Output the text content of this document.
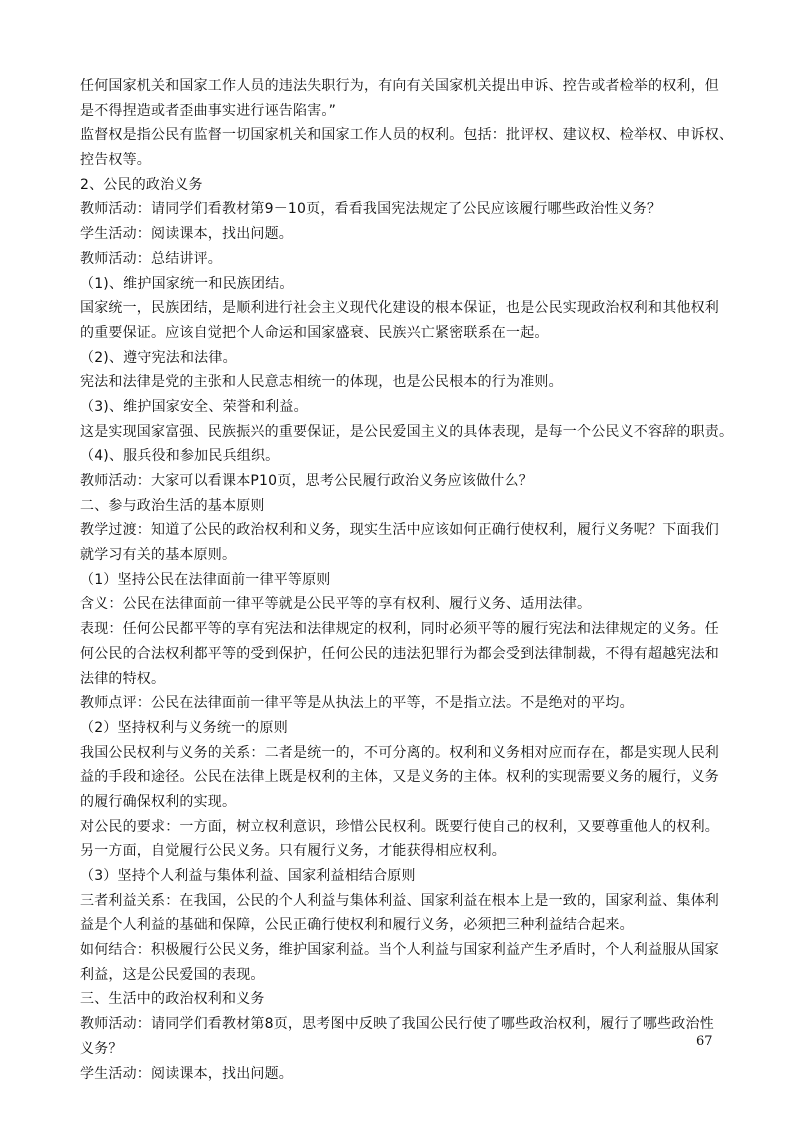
任何国家机关和国家工作人员的违法失职行为，有向有关国家机关提出申诉、控告或者检举的权利，但
是不得捏造或者歪曲事实进行诬告陷害。”
监督权是指公民有监督一切国家机关和国家工作人员的权利。包括：批评权、建议权、检举权、申诉权、
控告权等。
2、公民的政治义务
教师活动：请同学们看教材第9－10页，看看我国宪法规定了公民应该履行哪些政治性义务？
学生活动：阅读课本，找出问题。
教师活动：总结讲评。
（1)、维护国家统一和民族团结。
国家统一，民族团结，是顺利进行社会主义现代化建设的根本保证，也是公民实现政治权利和其他权利
的重要保证。应该自觉把个人命运和国家盛衰、民族兴亡紧密联系在一起。
（2)、遵守宪法和法律。
宪法和法律是党的主张和人民意志相统一的体现，也是公民根本的行为准则。
（3)、维护国家安全、荣誉和利益。
这是实现国家富强、民族振兴的重要保证，是公民爱国主义的具体表现，是每一个公民义不容辞的职责。
（4)、服兵役和参加民兵组织。
教师活动：大家可以看课本P10页，思考公民履行政治义务应该做什么？
二、参与政治生活的基本原则
教学过渡：知道了公民的政治权利和义务，现实生活中应该如何正确行使权利，履行义务呢？下面我们
就学习有关的基本原则。
（1）坚持公民在法律面前一律平等原则
含义：公民在法律面前一律平等就是公民平等的享有权利、履行义务、适用法律。
表现：任何公民都平等的享有宪法和法律规定的权利，同时必须平等的履行宪法和法律规定的义务。任
何公民的合法权利都平等的受到保护，任何公民的违法犯罪行为都会受到法律制裁，不得有超越宪法和
法律的特权。
教师点评：公民在法律面前一律平等是从执法上的平等，不是指立法。不是绝对的平均。
（2）坚持权利与义务统一的原则
我国公民权利与义务的关系：二者是统一的，不可分离的。权利和义务相对应而存在，都是实现人民利
益的手段和途径。公民在法律上既是权利的主体，又是义务的主体。权利的实现需要义务的履行，义务
的履行确保权利的实现。
对公民的要求：一方面，树立权利意识，珍惜公民权利。既要行使自己的权利，又要尊重他人的权利。
另一方面，自觉履行公民义务。只有履行义务，才能获得相应权利。
（3）坚持个人利益与集体利益、国家利益相结合原则
三者利益关系：在我国，公民的个人利益与集体利益、国家利益在根本上是一致的，国家利益、集体利
益是个人利益的基础和保障，公民正确行使权利和履行义务，必须把三种利益结合起来。
如何结合：积极履行公民义务，维护国家利益。当个人利益与国家利益产生矛盾时，个人利益服从国家
利益，这是公民爱国的表现。
三、生活中的政治权利和义务
教师活动：请同学们看教材第8页，思考图中反映了我国公民行使了哪些政治权利，履行了哪些政治性
义务？
学生活动：阅读课本，找出问题。
67
